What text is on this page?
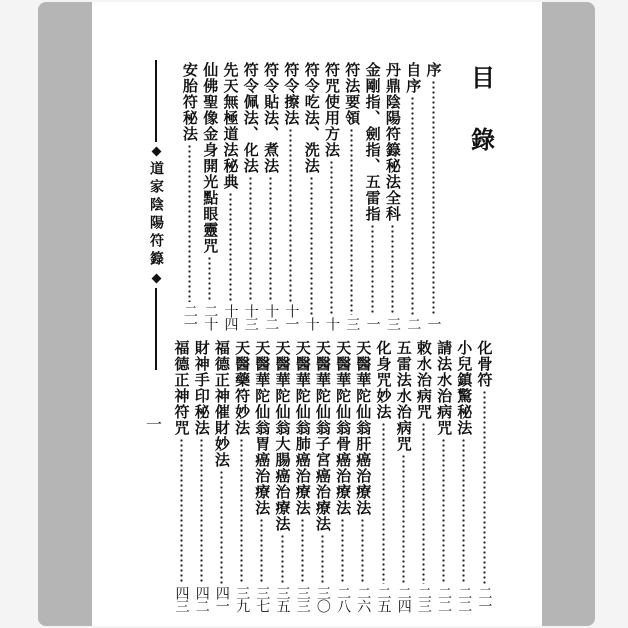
目
錄
道家陰陽符籙
一
序
一
自序
二
丹鼎陰陽符籙秘法全科
三
金剛指、劍指、五雷指
一
符法要領
三
符咒使用方法
十
符令吃法、洗法
十
符令擦法
十一
符令貼法、煮法
十二
符令佩法、化法
十三
先天無極道法秘典
十四
仙佛聖像金身開光點眼靈咒
二十
安胎符秘法
二一
化骨符
二一
小兒鎮驚秘法
二二
請法水治病咒
二二
敕水治病咒
二三
五雷法水治病咒
二四
化身咒妙法
二五
天醫華陀仙翁肝癌治療法
二六
天醫華陀仙翁骨癌治療法
二八
天醫華陀仙翁子宮癌治療法
三〇
天醫華陀仙翁肺癌治療法
三三
天醫華陀仙翁大腸癌治療法
三五
天醫華陀仙翁胃癌治療法
三七
天醫藥符妙法
三九
福德正神催財妙法
四一
財神手印秘法
四二
福德正神符咒
四三
